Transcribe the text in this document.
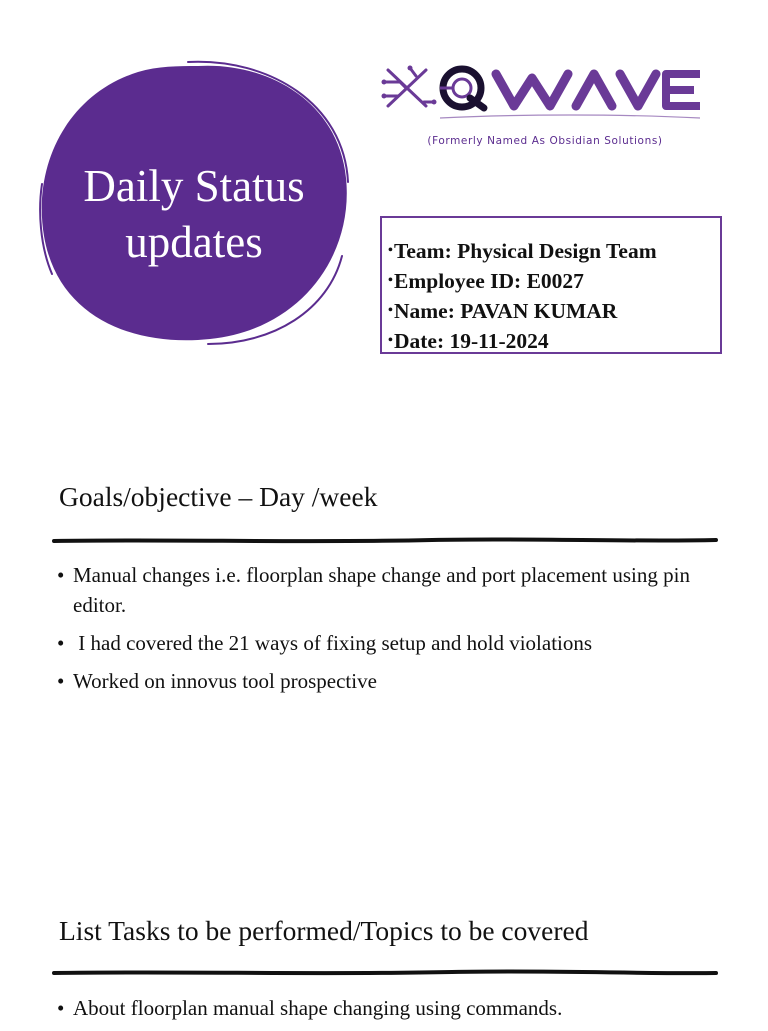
Daily Status
updates
(Formerly Named As Obsidian Solutions)
• Team: Physical Design Team
• Employee ID: E0027
• Name: PAVAN KUMAR
• Date: 19-11-2024
Goals/objective – Day /week
• Manual changes i.e. floorplan shape change and port placement using pin editor.
• I had covered the 21 ways of fixing setup and hold violations
• Worked on innovus tool prospective
List Tasks to be performed/Topics to be covered
• About floorplan manual shape changing using commands.
